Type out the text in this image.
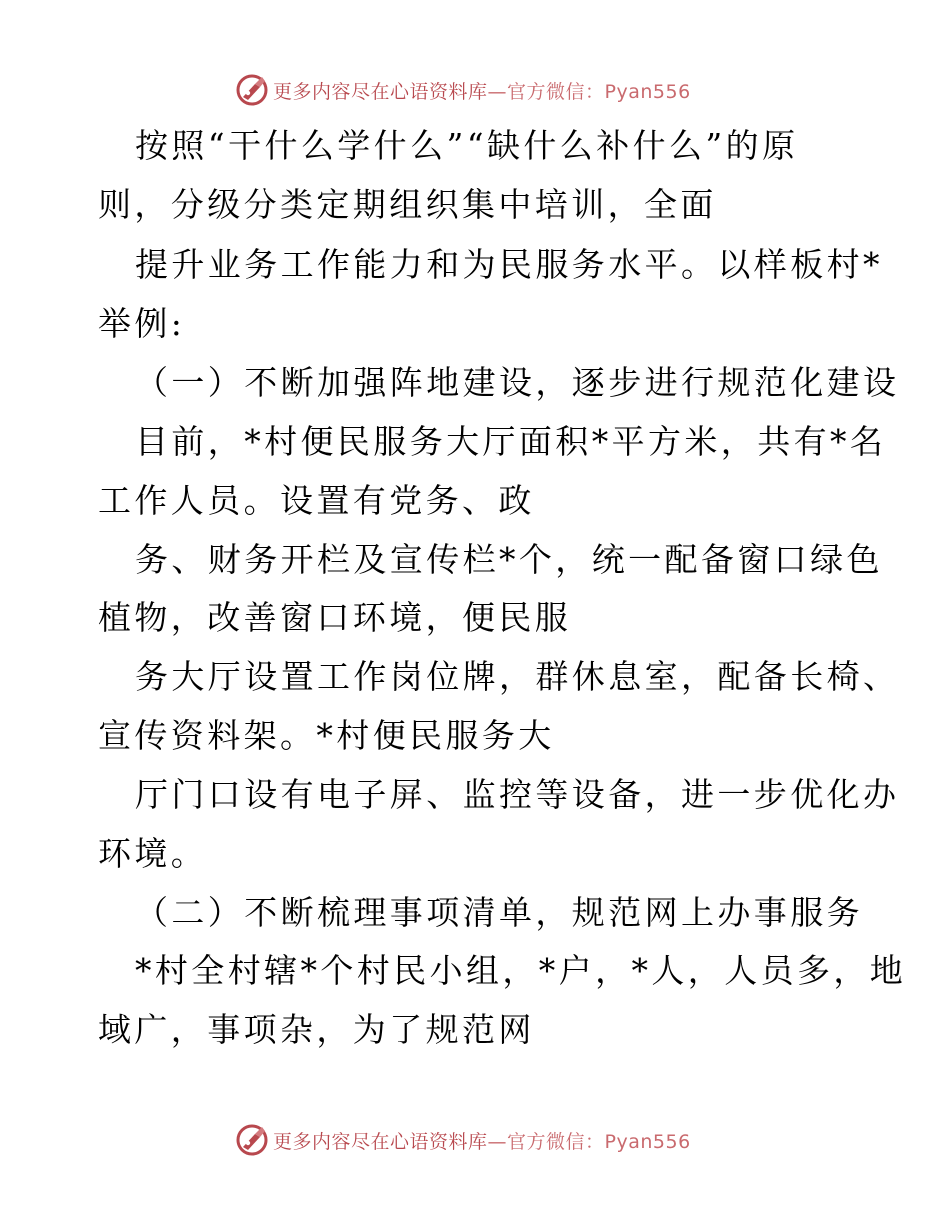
更多内容尽在心语资料库—官方微信：Pyan556
按照“干什么学什么”“缺什么补什么”的原
则，分级分类定期组织集中培训，全面
提升业务工作能力和为民服务水平。以样板村*
举例:
（一）不断加强阵地建设，逐步进行规范化建设
目前，*村便民服务大厅面积*平方米，共有*名
工作人员。设置有党务、政
务、财务开栏及宣传栏*个，统一配备窗口绿色
植物，改善窗口环境，便民服
务大厅设置工作岗位牌，群休息室，配备长椅、
宣传资料架。*村便民服务大
厅门口设有电子屏、监控等设备，进一步优化办
环境。
（二）不断梳理事项清单，规范网上办事服务
*村全村辖*个村民小组，*户，*人，人员多，地
域广，事项杂，为了规范网
更多内容尽在心语资料库—官方微信：Pyan556
